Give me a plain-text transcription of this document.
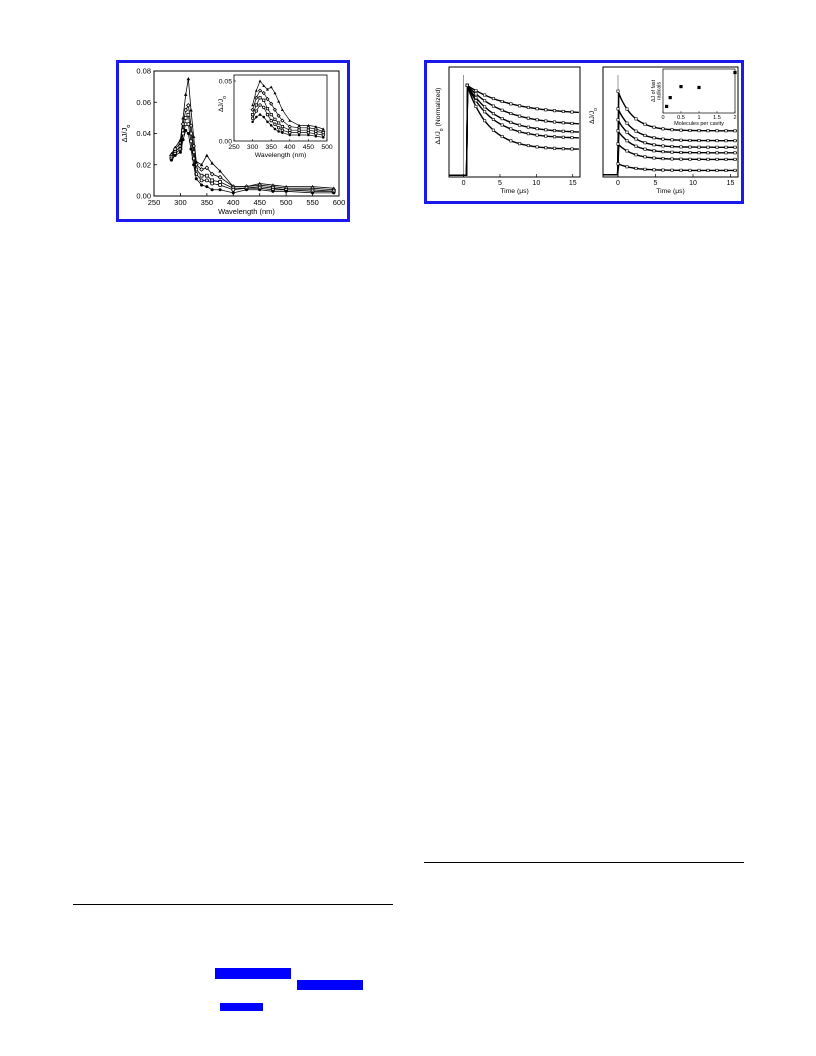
250 300 350 400 450 500 550 600
0.00
0.02
0.04
0.06
0.08
Wavelength (nm)
$\Delta J/J_o$
250 300 350 400 450 500
0.00
0.05
Wavelength (nm)
$\Delta J/J_o$
0	5	10	15
Time (μs)
$\Delta J/J_o$ (Normalized)
0	5	10	15
Time (μs)
$\Delta J/J_o$
0 0.5 1 1.5 2
Molecules per cavity
ΔJ of fast radicals
